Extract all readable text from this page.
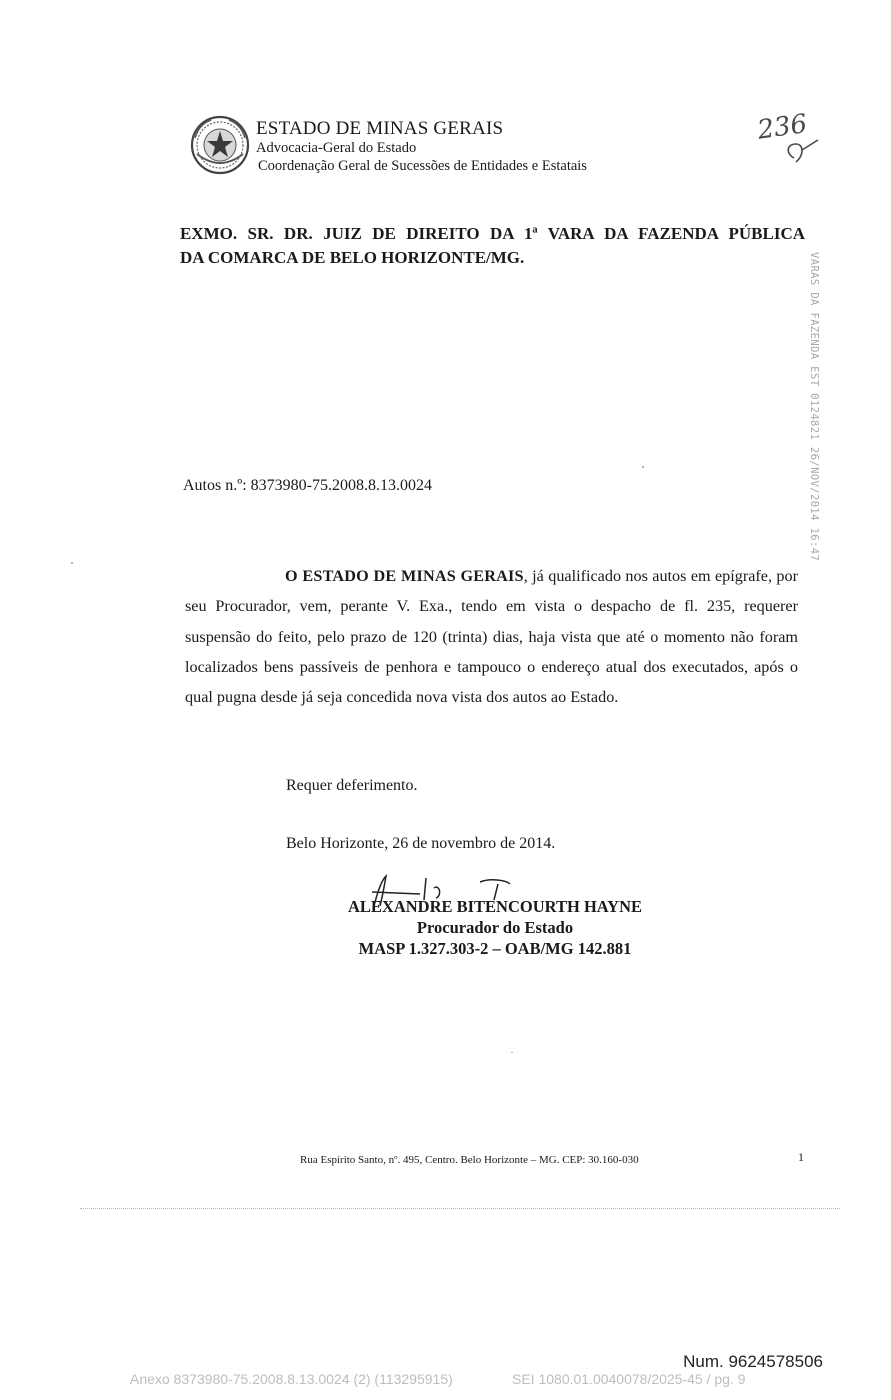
ESTADO DE MINAS GERAIS
Advocacia-Geral do Estado
Coordenação Geral de Sucessões de Entidades e Estatais
236
EXMO. SR. DR. JUIZ DE DIREITO DA 1ª VARA DA FAZENDA PÚBLICA
DA COMARCA DE BELO HORIZONTE/MG.	VARAS DA FAZENDA EST 0124821 26/NOV/2014 16:47
Autos n.º: 8373980-75.2008.8.13.0024

O ESTADO DE MINAS GERAIS, já qualificado nos autos em epígrafe, por seu Procurador, vem, perante V. Exa., tendo em vista o despacho de fl. 235, requerer suspensão do feito, pelo prazo de 120 (trinta) dias, haja vista que até o momento não foram localizados bens passíveis de penhora e tampouco o endereço atual dos executados, após o qual pugna desde já seja concedida nova vista dos autos ao Estado.

Requer deferimento.
Belo Horizonte, 26 de novembro de 2014.
ALEXANDRE BITENCOURTH HAYNE
Procurador do Estado
MASP 1.327.303-2 – OAB/MG 142.881
Rua Espírito Santo, nº. 495, Centro. Belo Horizonte – MG. CEP: 30.160-030	1
Num. 9624578506
Anexo 8373980-75.2008.8.13.0024 (2) (113295915)	SEI 1080.01.0040078/2025-45 / pg. 9
